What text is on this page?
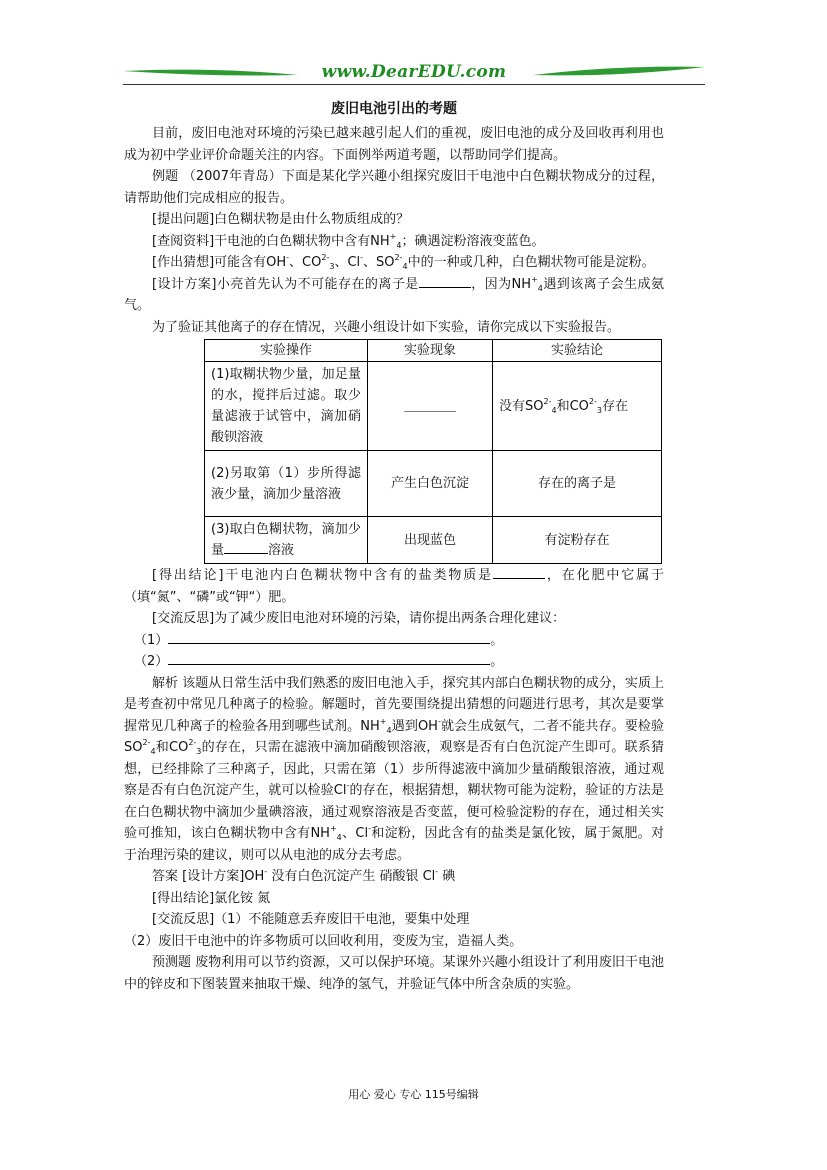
www.DearEDU.com

废旧电池引出的考题

目前，废旧电池对环境的污染已越来越引起人们的重视，废旧电池的成分及回收再利用也成为初中学业评价命题关注的内容。下面例举两道考题，以帮助同学们提高。

例题 （2007年青岛）下面是某化学兴趣小组探究废旧干电池中白色糊状物成分的过程，请帮助他们完成相应的报告。

[提出问题]白色糊状物是由什么物质组成的？

[查阅资料]干电池的白色糊状物中含有$NH^+_4$；碘遇淀粉溶液变蓝色。

[作出猜想]可能含有OH-、$CO^{2-}_3$、Cl-、$SO^{2-}_4$中的一种或几种，白色糊状物可能是淀粉。

[设计方案]小亮首先认为不可能存在的离子是	，因为$NH^+_4$遇到该离子会生成氨气。

为了验证其他离子的存在情况，兴趣小组设计如下实验，请你完成以下实验报告。

实验操作	实验现象	实验结论
(1)取糊状物少量，加足量的水，搅拌后过滤。取少量滤液于试管中，滴加硝酸钡溶液	＿＿＿＿	没有$SO^{2-}_4$和$CO^{2-}_3$存在
(2)另取第（1）步所得滤液少量，滴加少量溶液	产生白色沉淀	存在的离子是
(3)取白色糊状物，滴加少量 溶液	出现蓝色	有淀粉存在

[得出结论]干电池内白色糊状物中含有的盐类物质是	，在化肥中它属于（填“氮”、“磷”或“钾“）肥。

[交流反思]为了减少废旧电池对环境的污染，请你提出两条合理化建议：

（1）	。

（2）	。

解析 该题从日常生活中我们熟悉的废旧电池入手，探究其内部白色糊状物的成分，实质上是考查初中常见几种离子的检验。解题时，首先要围绕提出猜想的问题进行思考，其次是要掌握常见几种离子的检验各用到哪些试剂。$NH^+_4$遇到OH-就会生成氨气，二者不能共存。要检验$SO^{2-}_4$和$CO^{2-}_3$的存在，只需在滤液中滴加硝酸钡溶液，观察是否有白色沉淀产生即可。联系猜想，已经排除了三种离子，因此，只需在第（1）步所得滤液中滴加少量硝酸银溶液，通过观察是否有白色沉淀产生，就可以检验Cl-的存在，根据猜想，糊状物可能为淀粉，验证的方法是在白色糊状物中滴加少量碘溶液，通过观察溶液是否变蓝，便可检验淀粉的存在，通过相关实验可推知，该白色糊状物中含有$NH^+_4$、Cl-和淀粉，因此含有的盐类是氯化铵，属于氮肥。对于治理污染的建议，则可以从电池的成分去考虑。

答案 [设计方案]OH- 没有白色沉淀产生 硝酸银 Cl- 碘

[得出结论]氯化铵 氮

[交流反思]（1）不能随意丢弃废旧干电池，要集中处理

（2）废旧干电池中的许多物质可以回收利用，变废为宝，造福人类。

预测题 废物利用可以节约资源，又可以保护环境。某课外兴趣小组设计了利用废旧干电池中的锌皮和下图装置来抽取干燥、纯净的氢气，并验证气体中所含杂质的实验。

用心 爱心 专心 115号编辑
